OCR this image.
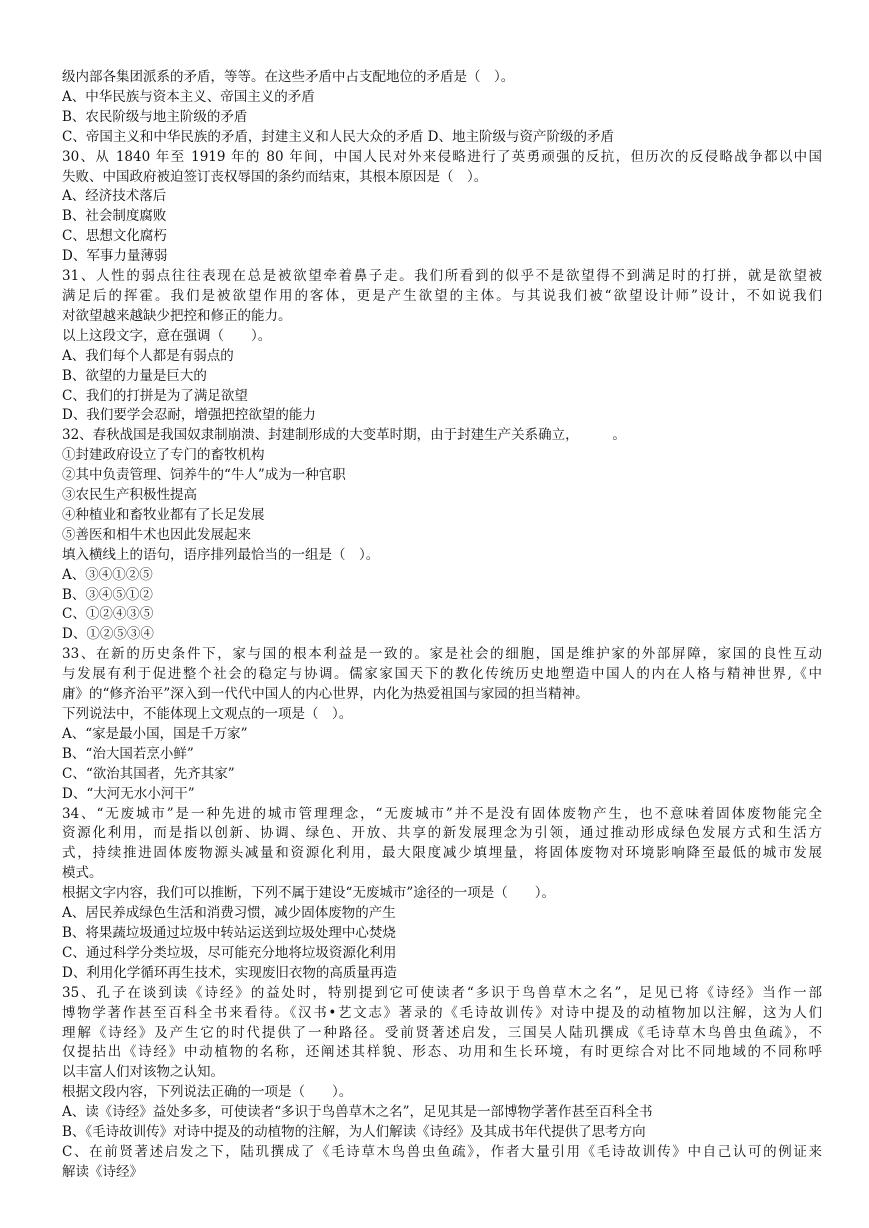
级内部各集团派系的矛盾，等等。在这些矛盾中占支配地位的矛盾是（　）。
A、中华民族与资本主义、帝国主义的矛盾
B、农民阶级与地主阶级的矛盾
C、帝国主义和中华民族的矛盾，封建主义和人民大众的矛盾 D、地主阶级与资产阶级的矛盾
30、从 1840 年至 1919 年的 80 年间，中国人民对外来侵略进行了英勇顽强的反抗，但历次的反侵略战争都以中国
失败、中国政府被迫签订丧权辱国的条约而结束，其根本原因是（　）。
A、经济技术落后
B、社会制度腐败
C、思想文化腐朽
D、军事力量薄弱
31、人性的弱点往往表现在总是被欲望牵着鼻子走。我们所看到的似乎不是欲望得不到满足时的打拼，就是欲望被
满足后的挥霍。我们是被欲望作用的客体，更是产生欲望的主体。与其说我们被“欲望设计师”设计，不如说我们
对欲望越来越缺少把控和修正的能力。
以上这段文字，意在强调（　　）。
A、我们每个人都是有弱点的
B、欲望的力量是巨大的
C、我们的打拼是为了满足欲望
D、我们要学会忍耐，增强把控欲望的能力
32、春秋战国是我国奴隶制崩溃、封建制形成的大变革时期，由于封建生产关系确立，　　　。
①封建政府设立了专门的畜牧机构
②其中负责管理、饲养牛的“牛人”成为一种官职
③农民生产积极性提高
④种植业和畜牧业都有了长足发展
⑤善医和相牛术也因此发展起来
填入横线上的语句，语序排列最恰当的一组是（　）。
A、③④①②⑤
B、③④⑤①②
C、①②④③⑤
D、①②⑤③④
33、在新的历史条件下，家与国的根本利益是一致的。家是社会的细胞，国是维护家的外部屏障，家国的良性互动
与发展有利于促进整个社会的稳定与协调。儒家家国天下的教化传统历史地塑造中国人的内在人格与精神世界,《中
庸》的“修齐治平”深入到一代代中国人的内心世界，内化为热爱祖国与家园的担当精神。
下列说法中，不能体现上文观点的一项是（　）。
A、“家是最小国，国是千万家”
B、“治大国若烹小鲜”
C、“欲治其国者，先齐其家”
D、“大河无水小河干”
34、“无废城市”是一种先进的城市管理理念，“无废城市”并不是没有固体废物产生，也不意味着固体废物能完全
资源化利用，而是指以创新、协调、绿色、开放、共享的新发展理念为引领，通过推动形成绿色发展方式和生活方
式，持续推进固体废物源头减量和资源化利用，最大限度减少填埋量，将固体废物对环境影响降至最低的城市发展
模式。
根据文字内容，我们可以推断，下列不属于建设“无废城市”途径的一项是（　　）。
A、居民养成绿色生活和消费习惯，减少固体废物的产生
B、将果蔬垃圾通过垃圾中转站运送到垃圾处理中心焚烧
C、通过科学分类垃圾，尽可能充分地将垃圾资源化利用
D、利用化学循环再生技术，实现废旧衣物的高质量再造
35、孔子在谈到读《诗经》的益处时，特别提到它可使读者“多识于鸟兽草木之名”，足见已将《诗经》当作一部
博物学著作甚至百科全书来看待。《汉书•艺文志》著录的《毛诗故训传》对诗中提及的动植物加以注解，这为人们
理解《诗经》及产生它的时代提供了一种路径。受前贤著述启发，三国吴人陆玑撰成《毛诗草木鸟兽虫鱼疏》，不
仅提拈出《诗经》中动植物的名称，还阐述其样貌、形态、功用和生长环境，有时更综合对比不同地域的不同称呼
以丰富人们对该物之认知。
根据文段内容，下列说法正确的一项是（　　）。
A、读《诗经》益处多多，可使读者“多识于鸟兽草木之名”，足见其是一部博物学著作甚至百科全书
B、《毛诗故训传》对诗中提及的动植物的注解，为人们解读《诗经》及其成书年代提供了思考方向
C、在前贤著述启发之下，陆玑撰成了《毛诗草木鸟兽虫鱼疏》，作者大量引用《毛诗故训传》中自己认可的例证来
解读《诗经》
